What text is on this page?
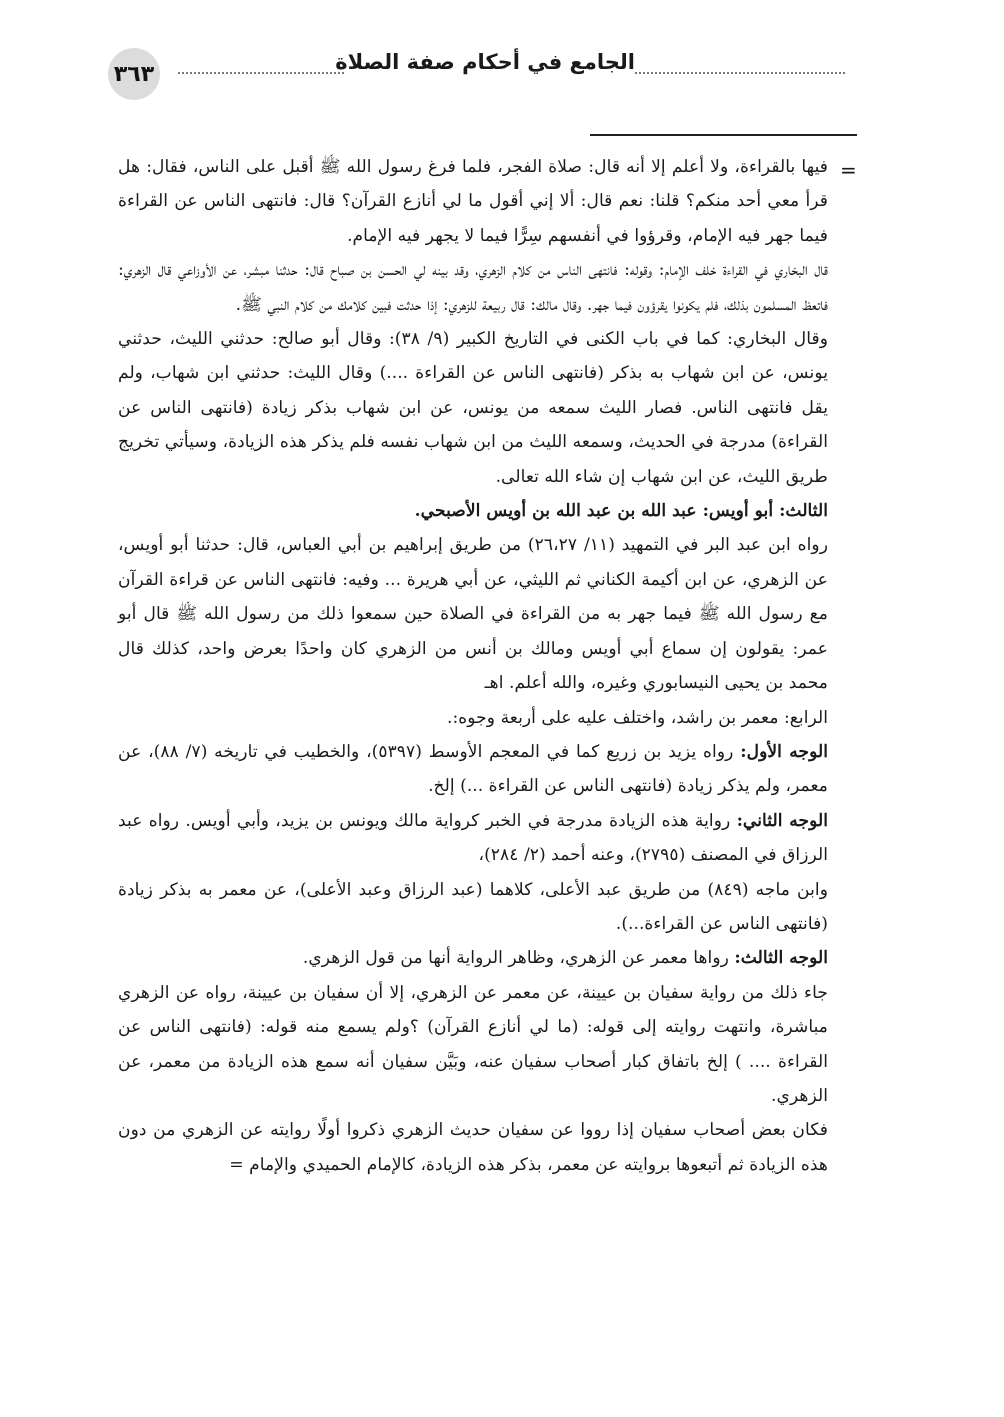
الجامع في أحكام صفة الصلاة
٣٦٣
=

فيها بالقراءة، ولا أعلم إلا أنه قال: صلاة الفجر، فلما فرغ رسول الله ﷺ أقبل على الناس، فقال: هل قرأ معي أحد منكم؟ قلنا: نعم قال: ألا إني أقول ما لي أنازع القرآن؟ قال: فانتهى الناس عن القراءة فيما جهر فيه الإمام، وقرؤوا في أنفسهم سِرًّا فيما لا يجهر فيه الإمام.

قال البخاري في القراءة خلف الإمام: وقوله: فانتهى الناس من كلام الزهري، وقد بينه لي الحسن بن صباح قال: حدثنا مبشر، عن الأوزاعي قال الزهري: فاتعظ المسلمون بذلك، فلم يكونوا يقرؤون فيما جهر. وقال مالك: قال ربيعة للزهري: إذا حدثت فبين كلامك من كلام النبي ﷺ.

وقال البخاري: كما في باب الكنى في التاريخ الكبير (٩/ ٣٨): وقال أبو صالح: حدثني الليث، حدثني يونس، عن ابن شهاب به بذكر (فانتهى الناس عن القراءة ....) وقال الليث: حدثني ابن شهاب، ولم يقل فانتهى الناس. فصار الليث سمعه من يونس، عن ابن شهاب بذكر زيادة (فانتهى الناس عن القراءة) مدرجة في الحديث، وسمعه الليث من ابن شهاب نفسه فلم يذكر هذه الزيادة، وسيأتي تخريج طريق الليث، عن ابن شهاب إن شاء الله تعالى.

الثالث: أبو أويس: عبد الله بن عبد الله بن أويس الأصبحي.

رواه ابن عبد البر في التمهيد (١١/ ٢٦،٢٧) من طريق إبراهيم بن أبي العباس، قال: حدثنا أبو أويس، عن الزهري، عن ابن أكيمة الكناني ثم الليثي، عن أبي هريرة ... وفيه: فانتهى الناس عن قراءة القرآن مع رسول الله ﷺ فيما جهر به من القراءة في الصلاة حين سمعوا ذلك من رسول الله ﷺ قال أبو عمر: يقولون إن سماع أبي أويس ومالك بن أنس من الزهري كان واحدًا بعرض واحد، كذلك قال محمد بن يحيى النيسابوري وغيره، والله أعلم. اهـ

الرابع: معمر بن راشد، واختلف عليه على أربعة وجوه:.

الوجه الأول: رواه يزيد بن زريع كما في المعجم الأوسط (٥٣٩٧)، والخطيب في تاريخه (٧/ ٨٨)، عن معمر، ولم يذكر زيادة (فانتهى الناس عن القراءة ...) إلخ.

الوجه الثاني: رواية هذه الزيادة مدرجة في الخبر كرواية مالك ويونس بن يزيد، وأبي أويس. رواه عبد الرزاق في المصنف (٢٧٩٥)، وعنه أحمد (٢/ ٢٨٤)،

وابن ماجه (٨٤٩) من طريق عبد الأعلى، كلاهما (عبد الرزاق وعبد الأعلى)، عن معمر به بذكر زيادة (فانتهى الناس عن القراءة...).

الوجه الثالث: رواها معمر عن الزهري، وظاهر الرواية أنها من قول الزهري.

جاء ذلك من رواية سفيان بن عيينة، عن معمر عن الزهري، إلا أن سفيان بن عيينة، رواه عن الزهري مباشرة، وانتهت روايته إلى قوله: (ما لي أنازع القرآن) ؟ولم يسمع منه قوله: (فانتهى الناس عن القراءة .... ) إلخ باتفاق كبار أصحاب سفيان عنه، وبَيَّن سفيان أنه سمع هذه الزيادة من معمر، عن الزهري.

فكان بعض أصحاب سفيان إذا رووا عن سفيان حديث الزهري ذكروا أولًا روايته عن الزهري من دون هذه الزيادة ثم أتبعوها بروايته عن معمر، بذكر هذه الزيادة، كالإمام الحميدي والإمام =
